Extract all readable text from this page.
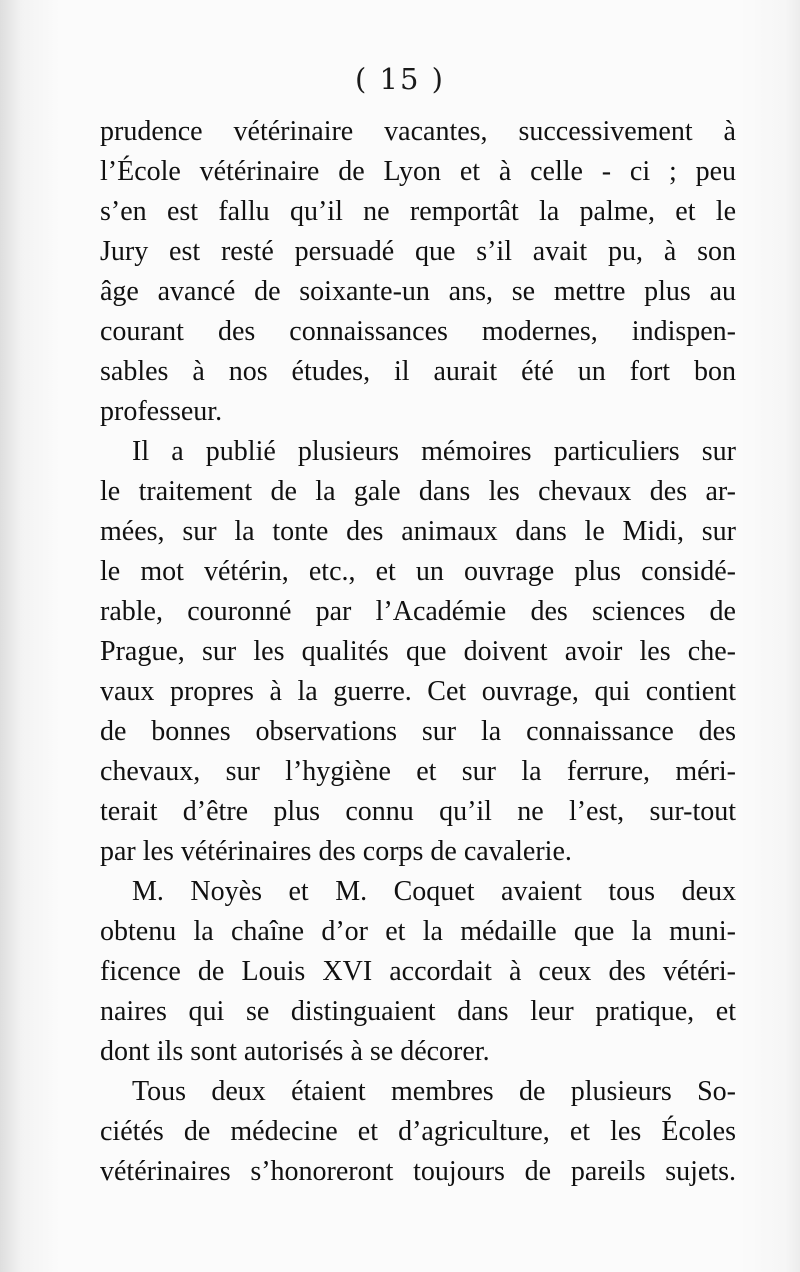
( 15 )
prudence vétérinaire vacantes, successivement à
l’École vétérinaire de Lyon et à celle - ci ; peu
s’en est fallu qu’il ne remportât la palme, et le
Jury est resté persuadé que s’il avait pu, à son
âge avancé de soixante-un ans, se mettre plus au
courant des connaissances modernes, indispen-
sables à nos études, il aurait été un fort bon
professeur.
Il a publié plusieurs mémoires particuliers sur
le traitement de la gale dans les chevaux des ar-
mées, sur la tonte des animaux dans le Midi, sur
le mot vétérin, etc., et un ouvrage plus considé-
rable, couronné par l’Académie des sciences de
Prague, sur les qualités que doivent avoir les che-
vaux propres à la guerre. Cet ouvrage, qui contient
de bonnes observations sur la connaissance des
chevaux, sur l’hygiène et sur la ferrure, méri-
terait d’être plus connu qu’il ne l’est, sur-tout
par les vétérinaires des corps de cavalerie.
M. Noyès et M. Coquet avaient tous deux
obtenu la chaîne d’or et la médaille que la muni-
ficence de Louis XVI accordait à ceux des vétéri-
naires qui se distinguaient dans leur pratique, et
dont ils sont autorisés à se décorer.
Tous deux étaient membres de plusieurs So-
ciétés de médecine et d’agriculture, et les Écoles
vétérinaires s’honoreront toujours de pareils sujets.
